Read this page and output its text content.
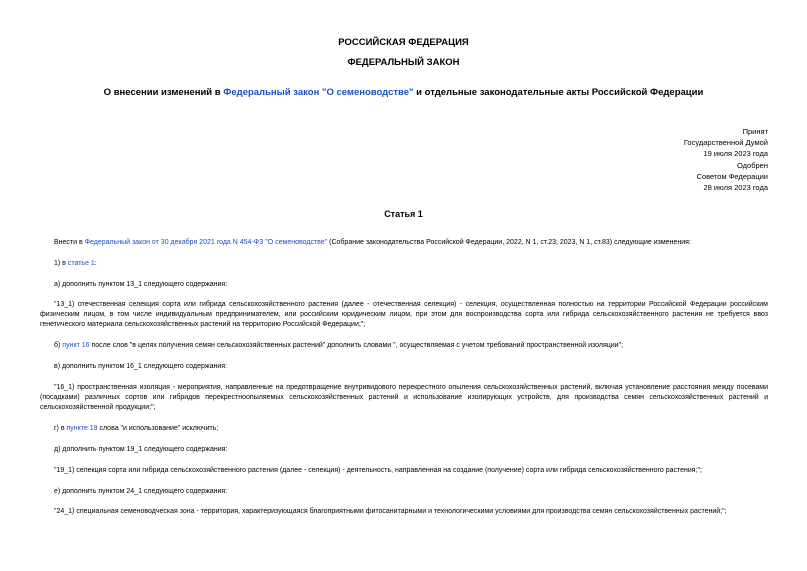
РОССИЙСКАЯ ФЕДЕРАЦИЯ
ФЕДЕРАЛЬНЫЙ ЗАКОН
О внесении изменений в Федеральный закон "О семеноводстве" и отдельные законодательные акты Российской Федерации
Принят
Государственной Думой
19 июля 2023 года
Одобрен
Советом Федерации
28 июля 2023 года
Статья 1
Внести в Федеральный закон от 30 декабря 2021 года N 454-ФЗ "О семеноводстве" (Собрание законодательства Российской Федерации, 2022, N 1, ст.23; 2023, N 1, ст.83) следующие изменения:
1) в статье 1:
а) дополнить пунктом 13_1 следующего содержания:
"13_1) отечественная селекция сорта или гибрида сельскохозяйственного растения (далее - отечественная селекция) - селекция, осуществленная полностью на территории Российской Федерации российским физическим лицом, в том числе индивидуальным предпринимателем, или российским юридическим лицом, при этом для воспроизводства сорта или гибрида сельскохозяйственного растения не требуется ввоз генетического материала сельскохозяйственных растений на территорию Российской Федерации;";
б) пункт 16 после слов "в целях получения семян сельскохозяйственных растений" дополнить словами ", осуществляемая с учетом требований пространственной изоляции";
в) дополнить пунктом 16_1 следующего содержания:
"16_1) пространственная изоляция - мероприятия, направленные на предотвращение внутривидового перекрестного опыления сельскохозяйственных растений, включая установление расстояния между посевами (посадками) различных сортов или гибридов перекрестноопыляемых сельскохозяйственных растений и использование изолирующих устройств, для производства семян сельскохозяйственных растений и сельскохозяйственной продукции;";
г) в пункте 19 слова "и использование" исключить;
д) дополнить пунктом 19_1 следующего содержания:
"19_1) селекция сорта или гибрида сельскохозяйственного растения (далее - селекция) - деятельность, направленная на создание (получение) сорта или гибрида сельскохозяйственного растения;";
е) дополнить пунктом 24_1 следующего содержания:
"24_1) специальная семеноводческая зона - территория, характеризующаяся благоприятными фитосанитарными и технологическими условиями для производства семян сельскохозяйственных растений;";
